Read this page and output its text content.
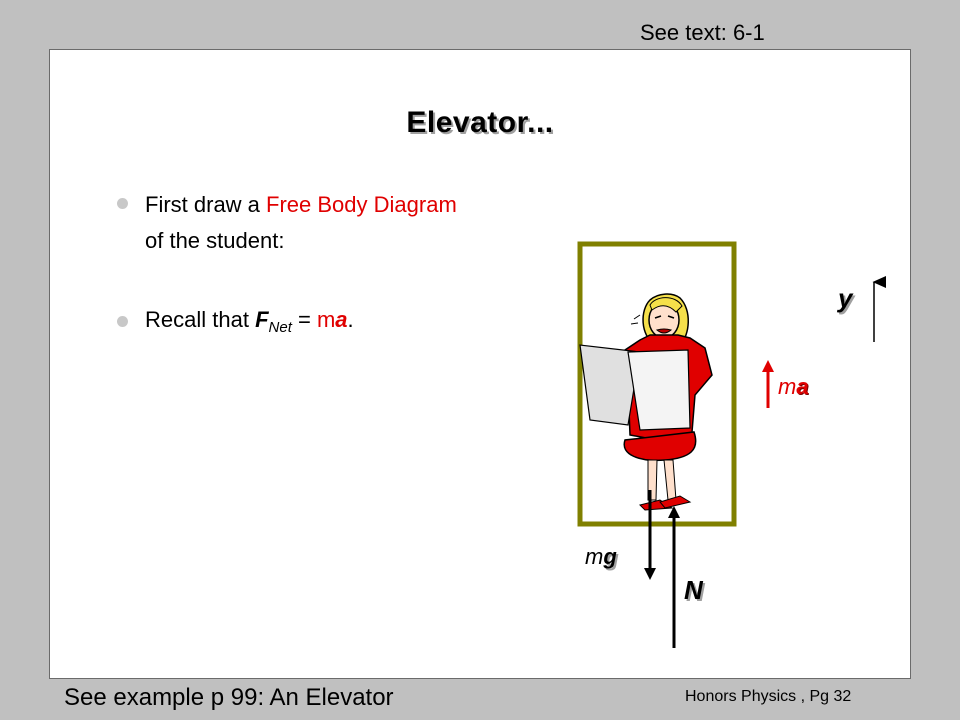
See text: 6-1
Elevator...
First draw a Free Body Diagram
of the student:
Recall that $F_{Net}$ = ma.
y
ma
mg
N
See example p 99: An Elevator	Honors Physics , Pg 32
